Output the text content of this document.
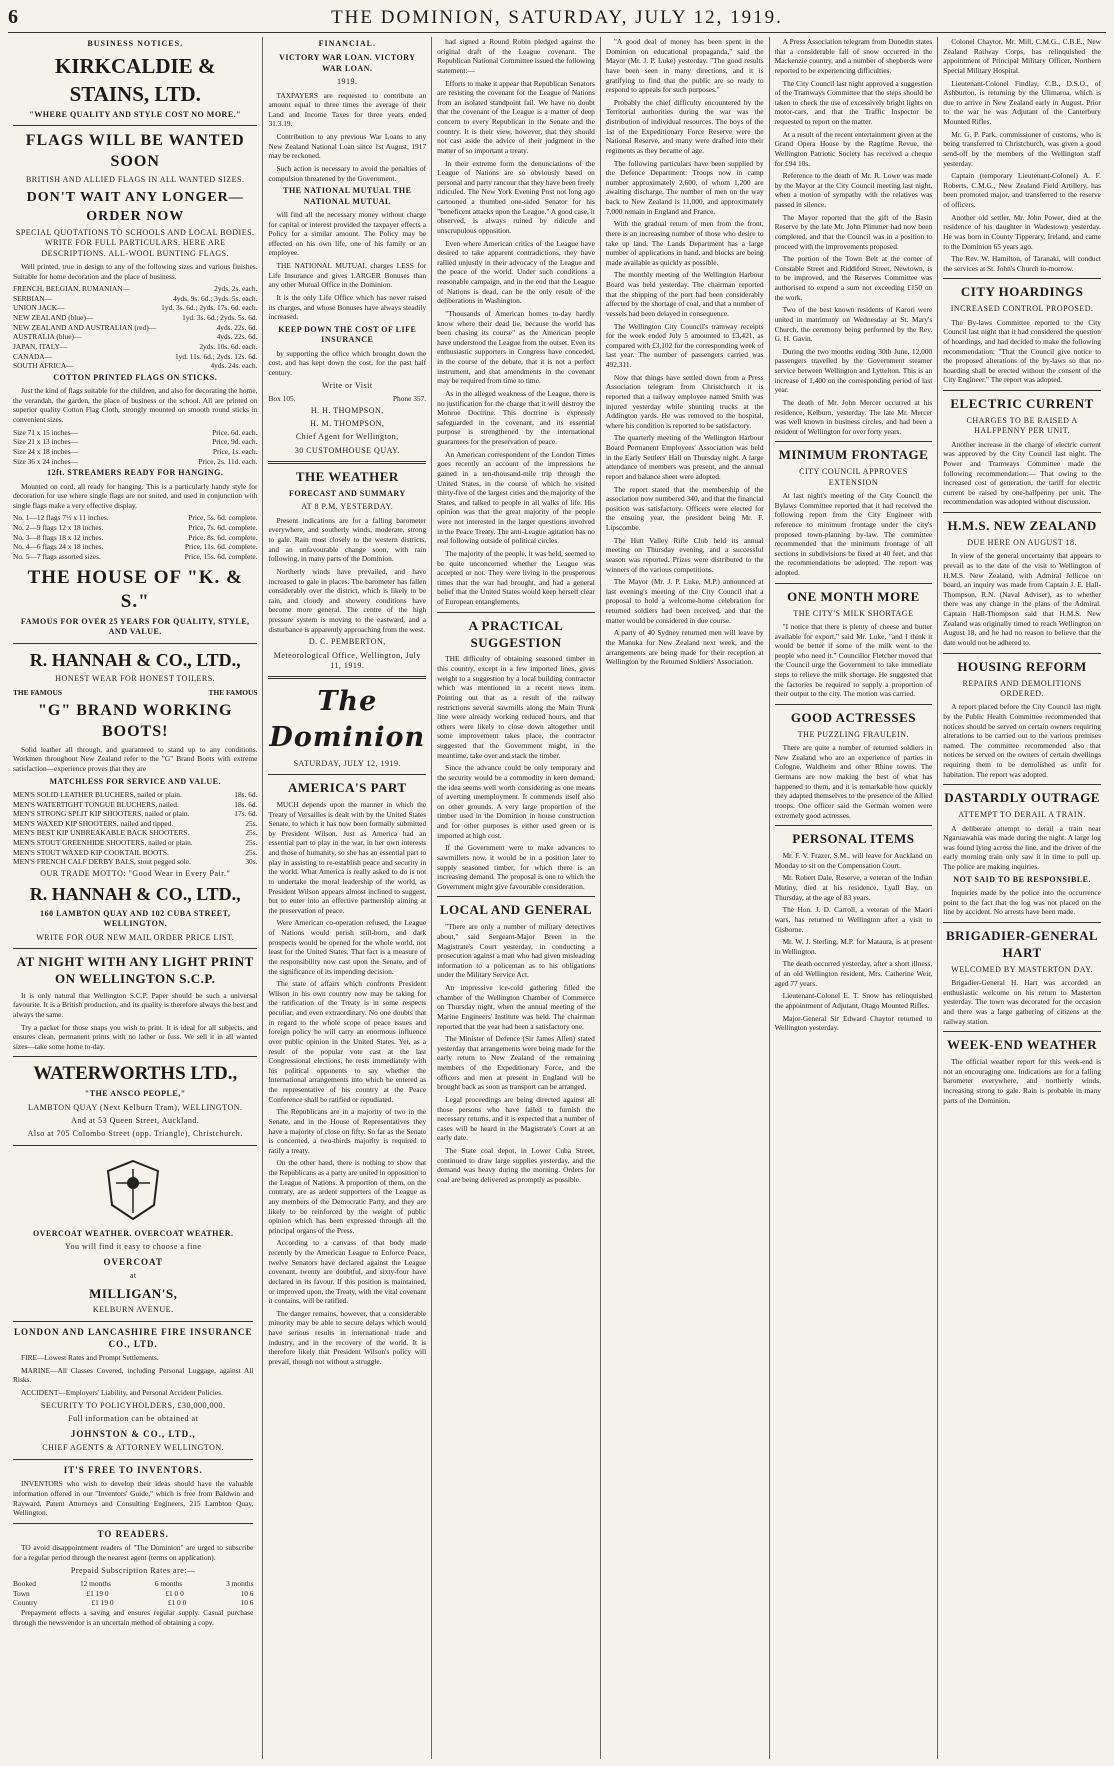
6	THE DOMINION, SATURDAY, JULY 12, 1919.
BUSINESS NOTICES.
KIRKCALDIE & STAINS, LTD.
"WHERE QUALITY AND STYLE COST NO MORE."
FLAGS WILL BE WANTED SOON
BRITISH AND ALLIED FLAGS IN ALL WANTED SIZES.
DON'T WAIT ANY LONGER—ORDER NOW
SPECIAL QUOTATIONS TO SCHOOLS AND LOCAL BODIES. WRITE FOR FULL PARTICULARS. HERE ARE DESCRIPTIONS. ALL-WOOL BUNTING FLAGS.

Well printed, true in design to any of the following sizes and various finishes. Suitable for home decoration and the place of business.

FRENCH, BELGIAN, RUMANIAN—	2yds. 2s. each.
SERBIAN—	4yds. 9s. 6d.; 3yds. 5s. each.
UNION JACK—	1yd. 3s. 6d.; 2yds. 17s. 6d. each.
NEW ZEALAND (blue)—	1yd. 3s. 6d.; 2yds. 5s. 6d.
NEW ZEALAND AND AUSTRALIAN (red)—	4yds. 22s. 6d.
AUSTRALIA (blue)—	4yds. 22s. 6d.
JAPAN, ITALY—	2yds. 10s. 6d. each.
CANADA—	1yd. 11s. 6d.; 2yds. 12s. 6d.
SOUTH AFRICA—	4yds. 24s. each.
COTTON PRINTED FLAGS ON STICKS.

Just the kind of flags suitable for the children, and also for decorating the home, the verandah, the garden, the place of business or the school. All are printed on superior quality Cotton Flag Cloth, strongly mounted on smooth round sticks in convenient sizes.

Size 71 x 15 inches—	Price, 6d. each.
Size 21 x 13 inches—	Price, 9d. each.
Size 24 x 18 inches—	Price, 1s. each.
Size 36 x 24 inches—	Price, 2s. 11d. each.
12ft. STREAMERS READY FOR HANGING.

Mounted on cord, all ready for hanging. This is a particularly handy style for decoration for use where single flags are not suited, and used in conjunction with single flags make a very effective display.

No. 1—12 flags 7½ x 11 inches.	Price, 5s. 6d. complete.
No. 2—9 flags 12 x 18 inches.	Price, 7s. 6d. complete.
No. 3—8 flags 18 x 12 inches.	Price, 8s. 6d. complete.
No. 4—6 flags 24 x 18 inches.	Price, 11s. 6d. complete.
No. 5—7 flags assorted sizes.	Price, 15s. 6d. complete.
THE HOUSE OF "K. & S."
FAMOUS FOR OVER 25 YEARS FOR QUALITY, STYLE, AND VALUE.
R. HANNAH & CO., LTD.,
HONEST WEAR FOR HONEST TOILERS.
THE FAMOUS	THE FAMOUS
"G" BRAND WORKING BOOTS!

Solid leather all through, and guaranteed to stand up to any conditions. Workmen throughout New Zealand refer to the "G" Brand Boots with extreme satisfaction—experience proves that they are

MATCHLESS FOR SERVICE AND VALUE.
MEN'S SOLID LEATHER BLUCHERS, nailed or plain.	18s. 6d.
MEN'S WATERTIGHT TONGUE BLUCHERS, nailed.	18s. 6d.
MEN'S STRONG SPLIT KIP SHOOTERS, nailed or plain.	17s. 6d.
MEN'S WAXED KIP SHOOTERS, nailed and tipped.	25s.
MEN'S BEST KIP UNBREAKABLE BACK SHOOTERS.	25s.
MEN'S STOUT GREENHIDE SHOOTERS, nailed or plain.	25s.
MEN'S STOUT WAXED KIP COOKTAIL BOOTS.	25s.
MEN'S FRENCH CALF DERBY BALS, stout pegged sole.	30s.
OUR TRADE MOTTO: "Good Wear in Every Pair."
R. HANNAH & CO., LTD.,
160 LAMBTON QUAY AND 102 CUBA STREET, WELLINGTON.
WRITE FOR OUR NEW MAIL ORDER PRICE LIST.
AT NIGHT WITH ANY LIGHT PRINT ON WELLINGTON S.C.P.

It is only natural that Wellington S.C.P. Paper should be such a universal favourite. It is a British production, and its quality is therefore always the best and always the same.

Try a packet for those snaps you wish to print. It is ideal for all subjects, and ensures clean, permanent prints with no lather or fuss. We sell it in all wanted sizes—take some home to-day.

WATERWORTHS LTD.,
"THE ANSCO PEOPLE,"
LAMBTON QUAY (Next Kelburn Tram), WELLINGTON.
And at 53 Queen Street, Auckland.
Also at 705 Colombo Street (opp. Triangle), Christchurch.
OVERCOAT WEATHER. OVERCOAT WEATHER.
You will find it easy to choose a fine
OVERCOAT
at
MILLIGAN'S,
KELBURN AVENUE.
LONDON AND LANCASHIRE FIRE INSURANCE CO., LTD.

FIRE—Lowest Rates and Prompt Settlements.

MARINE—All Classes Covered, including Personal Luggage, against All Risks.

ACCIDENT—Employers' Liability, and Personal Accident Policies.

SECURITY TO POLICYHOLDERS, £30,000,000.
Full information can be obtained at
JOHNSTON & CO., LTD.,
CHIEF AGENTS & ATTORNEY WELLINGTON.
IT'S FREE TO INVENTORS.

INVENTORS who wish to develop their ideas should have the valuable information offered in our "Inventors' Guide," which is free from Baldwin and Rayward, Patent Attorneys and Consulting Engineers, 215 Lambton Quay, Wellington.

TO READERS.

TO avoid disappointment readers of "The Dominion" are urged to subscribe for a regular period through the nearest agent (terms on application).

Prepaid Subscription Rates are:—
Booked	12 months	6 months	3 months
Town	£1 19 0	£1 0 0	10 6
Country	£1 19 0	£1 0 0	10 6

Prepayment effects a saving and ensures regular supply. Casual purchase through the newsvendor is an uncertain method of obtaining a copy.

FINANCIAL.
VICTORY WAR LOAN. VICTORY WAR LOAN.
1919.

TAXPAYERS are requested to contribute an amount equal to three times the average of their Land and Income Taxes for three years ended 31.3.19.

Contribution to any previous War Loans to any New Zealand National Loan since 1st August, 1917 may be reckoned.

Such action is necessary to avoid the penalties of compulsion threatened by the Government.

THE NATIONAL MUTUAL THE NATIONAL MUTUAL

will find all the necessary money without charge for capital or interest provided the taxpayer effects a Policy for a similar amount. The Policy may be effected on his own life, one of his family or an employee.

THE NATIONAL MUTUAL charges LESS for Life Insurance and gives LARGER Bonuses than any other Mutual Office in the Dominion.

It is the only Life Office which has never raised its charges, and whose Bonuses have always steadily increased.

KEEP DOWN THE COST OF LIFE INSURANCE

by supporting the office which brought down the cost, and has kept down the cost, for the past half century.

Write or Visit
Box 105.	Phone 357.
H. H. THOMPSON,
H. M. THOMPSON,
Chief Agent for Wellington,
30 CUSTOMHOUSE QUAY.
THE WEATHER
FORECAST AND SUMMARY
AT 8 P.M. YESTERDAY.

Present indications are for a falling barometer everywhere, and southerly winds, moderate, strong to gale. Rain most closely to the western districts, and an unfavourable change soon, with rain following, in many parts of the Dominion.

Northerly winds have prevailed, and have increased to gale in places. The barometer has fallen considerably over the district, which is likely to be rain, and cloudy and showery conditions have become more general. The centre of the high pressure system is moving to the eastward, and a disturbance is apparently approaching from the west.

D. C. PEMBERTON,
Meteorological Office, Wellington, July 11, 1919.
The Dominion
SATURDAY, JULY 12, 1919.
AMERICA'S PART

MUCH depends upon the manner in which the Treaty of Versailles is dealt with by the United States Senate, to which it has now been formally submitted by President Wilson. Just as America had an essential part to play in the war, in her own interests and those of humanity, so she has an essential part to play in assisting to re-establish peace and security in the world. What America is really asked to do is not to undertake the moral leadership of the world, as President Wilson appears almost inclined to suggest, but to enter into an effective partnership aiming at the preservation of peace.

Were American co-operation refused, the League of Nations would perish still-born, and dark prospects would be opened for the whole world, not least for the United States. That fact is a measure of the responsibility now cast upon the Senate, and of the significance of its impending decision.

The state of affairs which confronts President Wilson in his own country now may be taking for the ratification of the Treaty is in some respects peculiar, and even extraordinary. No one doubts that in regard to the whole scope of peace issues and foreign policy he will carry an enormous influence over public opinion in the United States. Yet, as a result of the popular vote cast at the last Congressional elections, he rests immediately with his political opponents to say whether the International arrangements into which he entered as the representative of his country at the Peace Conference shall be ratified or repudiated.

The Republicans are in a majority of two in the Senate, and in the House of Representatives they have a majority of close on fifty. So far as the Senate is concerned, a two-thirds majority is required to ratify a treaty.

On the other hand, there is nothing to show that the Republicans as a party are united in opposition to the League of Nations. A proportion of them, on the contrary, are as ardent supporters of the League as any members of the Democratic Party, and they are likely to be reinforced by the weight of public opinion which has been expressed through all the principal organs of the Press.

According to a canvass of that body made recently by the American League to Enforce Peace, twelve Senators have declared against the League covenant, twenty are doubtful, and sixty-four have declared in its favour. If this position is maintained, or improved upon, the Treaty, with the vital covenant it contains, will be ratified.

The danger remains, however, that a considerable minority may be able to secure delays which would have serious results in international trade and industry, and in the recovery of the world. It is therefore likely that President Wilson's policy will prevail, though not without a struggle.

had signed a Round Robin pledged against the original draft of the League covenant. The Republican National Committee issued the following statement:—

Efforts to make it appear that Republican Senators are resisting the covenant for the League of Nations from an isolated standpoint fail. We have no doubt that the covenant of the League is a matter of deep concern to every Republican in the Senate and the country. It is their view, however, that they should not cast aside the advice of their judgment in the matter of so important a treaty.

In their extreme form the denunciations of the League of Nations are so obviously based on personal and party rancour that they have been freely ridiculed. The New York Evening Post not long ago cartooned a thumbed one-sided Senator for his "beneficent attacks upon the League." A good case, it observed, is always ruined by ridicule and unscrupulous opposition.

Even where American critics of the League have desired to take apparent contradictions, they have rallied unjustly in their advocacy of the League and the peace of the world. Under such conditions a reasonable campaign, and in the end that the League of Nations is dead, can be the only result of the deliberations in Washington.

"Thousands of American homes to-day hardly know where their dead lie, because the world has been chasing its course" as the American people have understood the League from the outset. Even its enthusiastic supporters in Congress have conceded, in the course of the debate, that it is not a perfect instrument, and that amendments in the covenant may be required from time to time.

As in the alleged weakness of the League, there is no justification for the charge that it will destroy the Monroe Doctrine. This doctrine is expressly safeguarded in the covenant, and its essential purpose is strengthened by the international guarantees for the preservation of peace.

An American correspondent of the London Times goes recently an account of the impressions he gained in a ten-thousand-mile trip through the United States, in the course of which he visited thirty-five of the largest cities and the majority of the States, and talked to people in all walks of life. His opinion was that the great majority of the people were not interested in the larger questions involved in the Peace Treaty. The anti-League agitation has no real following outside of political circles.

The majority of the people, it was held, seemed to be quite unconcerned whether the League was accepted or not. They were living in the prosperous times that the war had brought, and had a general belief that the United States would keep herself clear of European entanglements.

A PRACTICAL SUGGESTION

THE difficulty of obtaining seasoned timber in this country, except in a few imported lines, gives weight to a suggestion by a local building contractor which was mentioned in a recent news item. Pointing out that as a result of the railway restrictions several sawmills along the Main Trunk line were already working reduced hours, and that others were likely to close down altogether until some improvement takes place, the contractor suggested that the Government might, in the meantime, take over and stack the timber.

Since the advance could be only temporary and the security would be a commodity in keen demand, the idea seems well worth considering as one means of averting unemployment. It commends itself also on other grounds. A very large proportion of the timber used in the Dominion in house construction and for other purposes is either used green or is imported at high cost.

If the Government were to make advances to sawmillers now, it would be in a position later to supply seasoned timber, for which there is an increasing demand. The proposal is one to which the Government might give favourable consideration.

LOCAL AND GENERAL

"There are only a number of military detectives about," said Sergeant-Major Breen in the Magistrate's Court yesterday, in conducting a prosecution against a man who had given misleading information to a policeman as to his obligations under the Military Service Act.

An impressive ice-cold gathering filled the chamber of the Wellington Chamber of Commerce on Thursday night, when the annual meeting of the Marine Engineers' Institute was held. The chairman reported that the year had been a satisfactory one.

The Minister of Defence (Sir James Allen) stated yesterday that arrangements were being made for the early return to New Zealand of the remaining members of the Expeditionary Force, and the officers and men at present in England will be brought back as soon as transport can be arranged.

Legal proceedings are being directed against all those persons who have failed to furnish the necessary returns, and it is expected that a number of cases will be heard in the Magistrate's Court at an early date.

The State coal depot, in Lower Cuba Street, continued to draw large supplies yesterday, and the demand was heavy during the morning. Orders for coal are being delivered as promptly as possible.

"A good deal of money has been spent in the Dominion on educational propaganda," said the Mayor (Mr. J. P. Luke) yesterday. "The good results have been seen in many directions, and it is gratifying to find that the public are so ready to respond to appeals for such purposes."

Probably the chief difficulty encountered by the Territorial authorities during the war was the distribution of individual resources. The boys of the 1st of the Expeditionary Force Reserve were the National Reserve, and many were drafted into their regiments as they became of age.

The following particulars have been supplied by the Defence Department: Troops now in camp number approximately 2,600, of whom 1,200 are awaiting discharge. The number of men on the way back to New Zealand is 11,000, and approximately 7,000 remain in England and France.

With the gradual return of men from the front, there is an increasing number of those who desire to take up land. The Lands Department has a large number of applications in hand, and blocks are being made available as quickly as possible.

The monthly meeting of the Wellington Harbour Board was held yesterday. The chairman reported that the shipping of the port had been considerably affected by the shortage of coal, and that a number of vessels had been delayed in consequence.

The Wellington City Council's tramway receipts for the week ended July 5 amounted to £3,421, as compared with £3,102 for the corresponding week of last year. The number of passengers carried was 492,311.

Now that things have settled down from a Press Association telegram from Christchurch it is reported that a railway employee named Smith was injured yesterday while shunting trucks at the Addington yards. He was removed to the hospital, where his condition is reported to be satisfactory.

The quarterly meeting of the Wellington Harbour Board Permanent Employees' Association was held in the Early Settlers' Hall on Thursday night. A large attendance of members was present, and the annual report and balance sheet were adopted.

The report stated that the membership of the association now numbered 340, and that the financial position was satisfactory. Officers were elected for the ensuing year, the president being Mr. F. Lipscombe.

The Hutt Valley Rifle Club held its annual meeting on Thursday evening, and a successful season was reported. Prizes were distributed to the winners of the various competitions.

The Mayor (Mr. J. P. Luke, M.P.) announced at last evening's meeting of the City Council that a proposal to hold a welcome-home celebration for returned soldiers had been received, and that the matter would be considered in due course.

A party of 40 Sydney returned men will leave by the Manuka for New Zealand next week, and the arrangements are being made for their reception at Wellington by the Returned Soldiers' Association.

A Press Association telegram from Dunedin states that a considerable fall of snow occurred in the Mackenzie country, and a number of shepherds were reported to be experiencing difficulties.

The City Council last night approved a suggestion of the Tramways Committee that the steps should be taken to check the use of excessively bright lights on motor-cars, and that the Traffic Inspector be requested to report on the matter.

At a result of the recent entertainment given at the Grand Opera House by the Ragtime Revue, the Wellington Patriotic Society has received a cheque for £94 10s.

Reference to the death of Mr. R. Lowe was made by the Mayor at the City Council meeting last night, when a motion of sympathy with the relatives was passed in silence.

The Mayor reported that the gift of the Basin Reserve by the late Mr. John Plimmer had now been completed, and that the Council was in a position to proceed with the improvements proposed.

The portion of the Town Belt at the corner of Constable Street and Riddiford Street, Newtown, is to be improved, and the Reserves Committee was authorised to expend a sum not exceeding £150 on the work.

Two of the best known residents of Karori were united in matrimony on Wednesday at St. Mary's Church, the ceremony being performed by the Rev. G. H. Gavin.

During the two months ending 30th June, 12,000 passengers travelled by the Government steamer service between Wellington and Lyttelton. This is an increase of 1,400 on the corresponding period of last year.

The death of Mr. John Mercer occurred at his residence, Kelburn, yesterday. The late Mr. Mercer was well known in business circles, and had been a resident of Wellington for over forty years.

MINIMUM FRONTAGE
CITY COUNCIL APPROVES EXTENSION

At last night's meeting of the City Council the Bylaws Committee reported that it had received the following report from the City Engineer with reference to minimum frontage under the city's proposed town-planning by-law. The committee recommended that the minimum frontage of all sections in subdivisions be fixed at 40 feet, and that the recommendations be adopted. The report was adopted.

ONE MONTH MORE
THE CITY'S MILK SHORTAGE

"I notice that there is plenty of cheese and butter available for export," said Mr. Luke, "and I think it would be better if some of the milk went to the people who need it." Councillor Fletcher moved that the Council urge the Government to take immediate steps to relieve the milk shortage. He suggested that the factories be required to supply a proportion of their output to the city. The motion was carried.

GOOD ACTRESSES
THE PUZZLING FRAULEIN.

There are quite a number of returned soldiers in New Zealand who are an experience of parties in Cologne, Waldheim and other Rhine towns. The Germans are now making the best of what has happened to them, and it is remarkable how quickly they adapted themselves to the presence of the Allied troops. One officer said the German women were extremely good actresses.

PERSONAL ITEMS

Mr. F. V. Frazer, S.M., will leave for Auckland on Monday to sit on the Compensation Court.

Mr. Robert Dale, Reserve, a veteran of the Indian Mutiny, died at his residence, Lyall Bay, on Thursday, at the age of 83 years.

The Hon. J. D. Carroll, a veteran of the Maori wars, has returned to Wellington after a visit to Gisborne.

Mr. W. J. Sterling, M.P. for Mataura, is at present in Wellington.

The death occurred yesterday, after a short illness, of an old Wellington resident, Mrs. Catherine Weir, aged 77 years.

Lieutenant-Colonel E. T. Snow has relinquished the appointment of Adjutant, Otago Mounted Rifles.

Major-General Sir Edward Chaytor returned to Wellington yesterday.

Colonel Chaytor, Mr. Mill, C.M.G., C.B.E., New Zealand Railway Corps, has relinquished the appointment of Principal Military Officer, Northern Special Military Hospital.

Lieutenant-Colonel Findlay, C.B., D.S.O., of Ashburton, is returning by the Ulimaroa, which is due to arrive in New Zealand early in August. Prior to the war he was Adjutant of the Canterbury Mounted Rifles.

Mr. G. P. Park, commissioner of customs, who is being transferred to Christchurch, was given a good send-off by the members of the Wellington staff yesterday.

Captain (temporary Lieutenant-Colonel) A. F. Roberts, C.M.G., New Zealand Field Artillery, has been promoted major, and transferred to the reserve of officers.

Another old settler, Mr. John Power, died at the residence of his daughter in Wadestown yesterday. He was born in County Tipperary, Ireland, and came to the Dominion 65 years ago.

The Rev. W. Hamilton, of Taranaki, will conduct the services at St. John's Church to-morrow.

CITY HOARDINGS
INCREASED CONTROL PROPOSED.

The By-laws Committee reported to the City Council last night that it had considered the question of hoardings, and had decided to make the following recommendation: "That the Council give notice to the proposed alterations of the by-laws so that no hoarding shall be erected without the consent of the City Engineer." The report was adopted.

ELECTRIC CURRENT
CHARGES TO BE RAISED A HALFPENNY PER UNIT.

Another increase in the charge of electric current was approved by the City Council last night. The Power and Tramways Committee made the following recommendation:— That owing to the increased cost of generation, the tariff for electric current be raised by one-halfpenny per unit. The recommendation was adopted without discussion.

H.M.S. NEW ZEALAND
DUE HERE ON AUGUST 18.

In view of the general uncertainty that appears to prevail as to the date of the visit to Wellington of H.M.S. New Zealand, with Admiral Jellicoe on board, an inquiry was made from Captain J. E. Hall-Thompson, R.N. (Naval Adviser), as to whether there was any change in the plans of the Admiral. Captain Hall-Thompson said that H.M.S. New Zealand was originally timed to reach Wellington on August 18, and he had no reason to believe that the date would not be adhered to.

HOUSING REFORM
REPAIRS AND DEMOLITIONS ORDERED.

A report placed before the City Council last night by the Public Health Committee recommended that notices should be served on certain owners requiring alterations to be carried out to the various premises named. The committee recommended also that notices be served on the owners of certain dwellings requiring them to be demolished as unfit for habitation. The report was adopted.

DASTARDLY OUTRAGE
ATTEMPT TO DERAIL A TRAIN.

A deliberate attempt to derail a train near Ngaruawahia was made during the night. A large log was found lying across the line, and the driver of the early morning train only saw it in time to pull up. The police are making inquiries.

NOT SAID TO BE RESPONSIBLE.

Inquiries made by the police into the occurrence point to the fact that the log was not placed on the line by accident. No arrests have been made.

BRIGADIER-GENERAL HART
WELCOMED BY MASTERTON DAY.

Brigadier-General H. Hart was accorded an enthusiastic welcome on his return to Masterton yesterday. The town was decorated for the occasion and there was a large gathering of citizens at the railway station.

WEEK-END WEATHER

The official weather report for this week-end is not an encouraging one. Indications are for a falling barometer everywhere, and northerly winds, increasing strong to gale. Rain is probable in many parts of the Dominion.
